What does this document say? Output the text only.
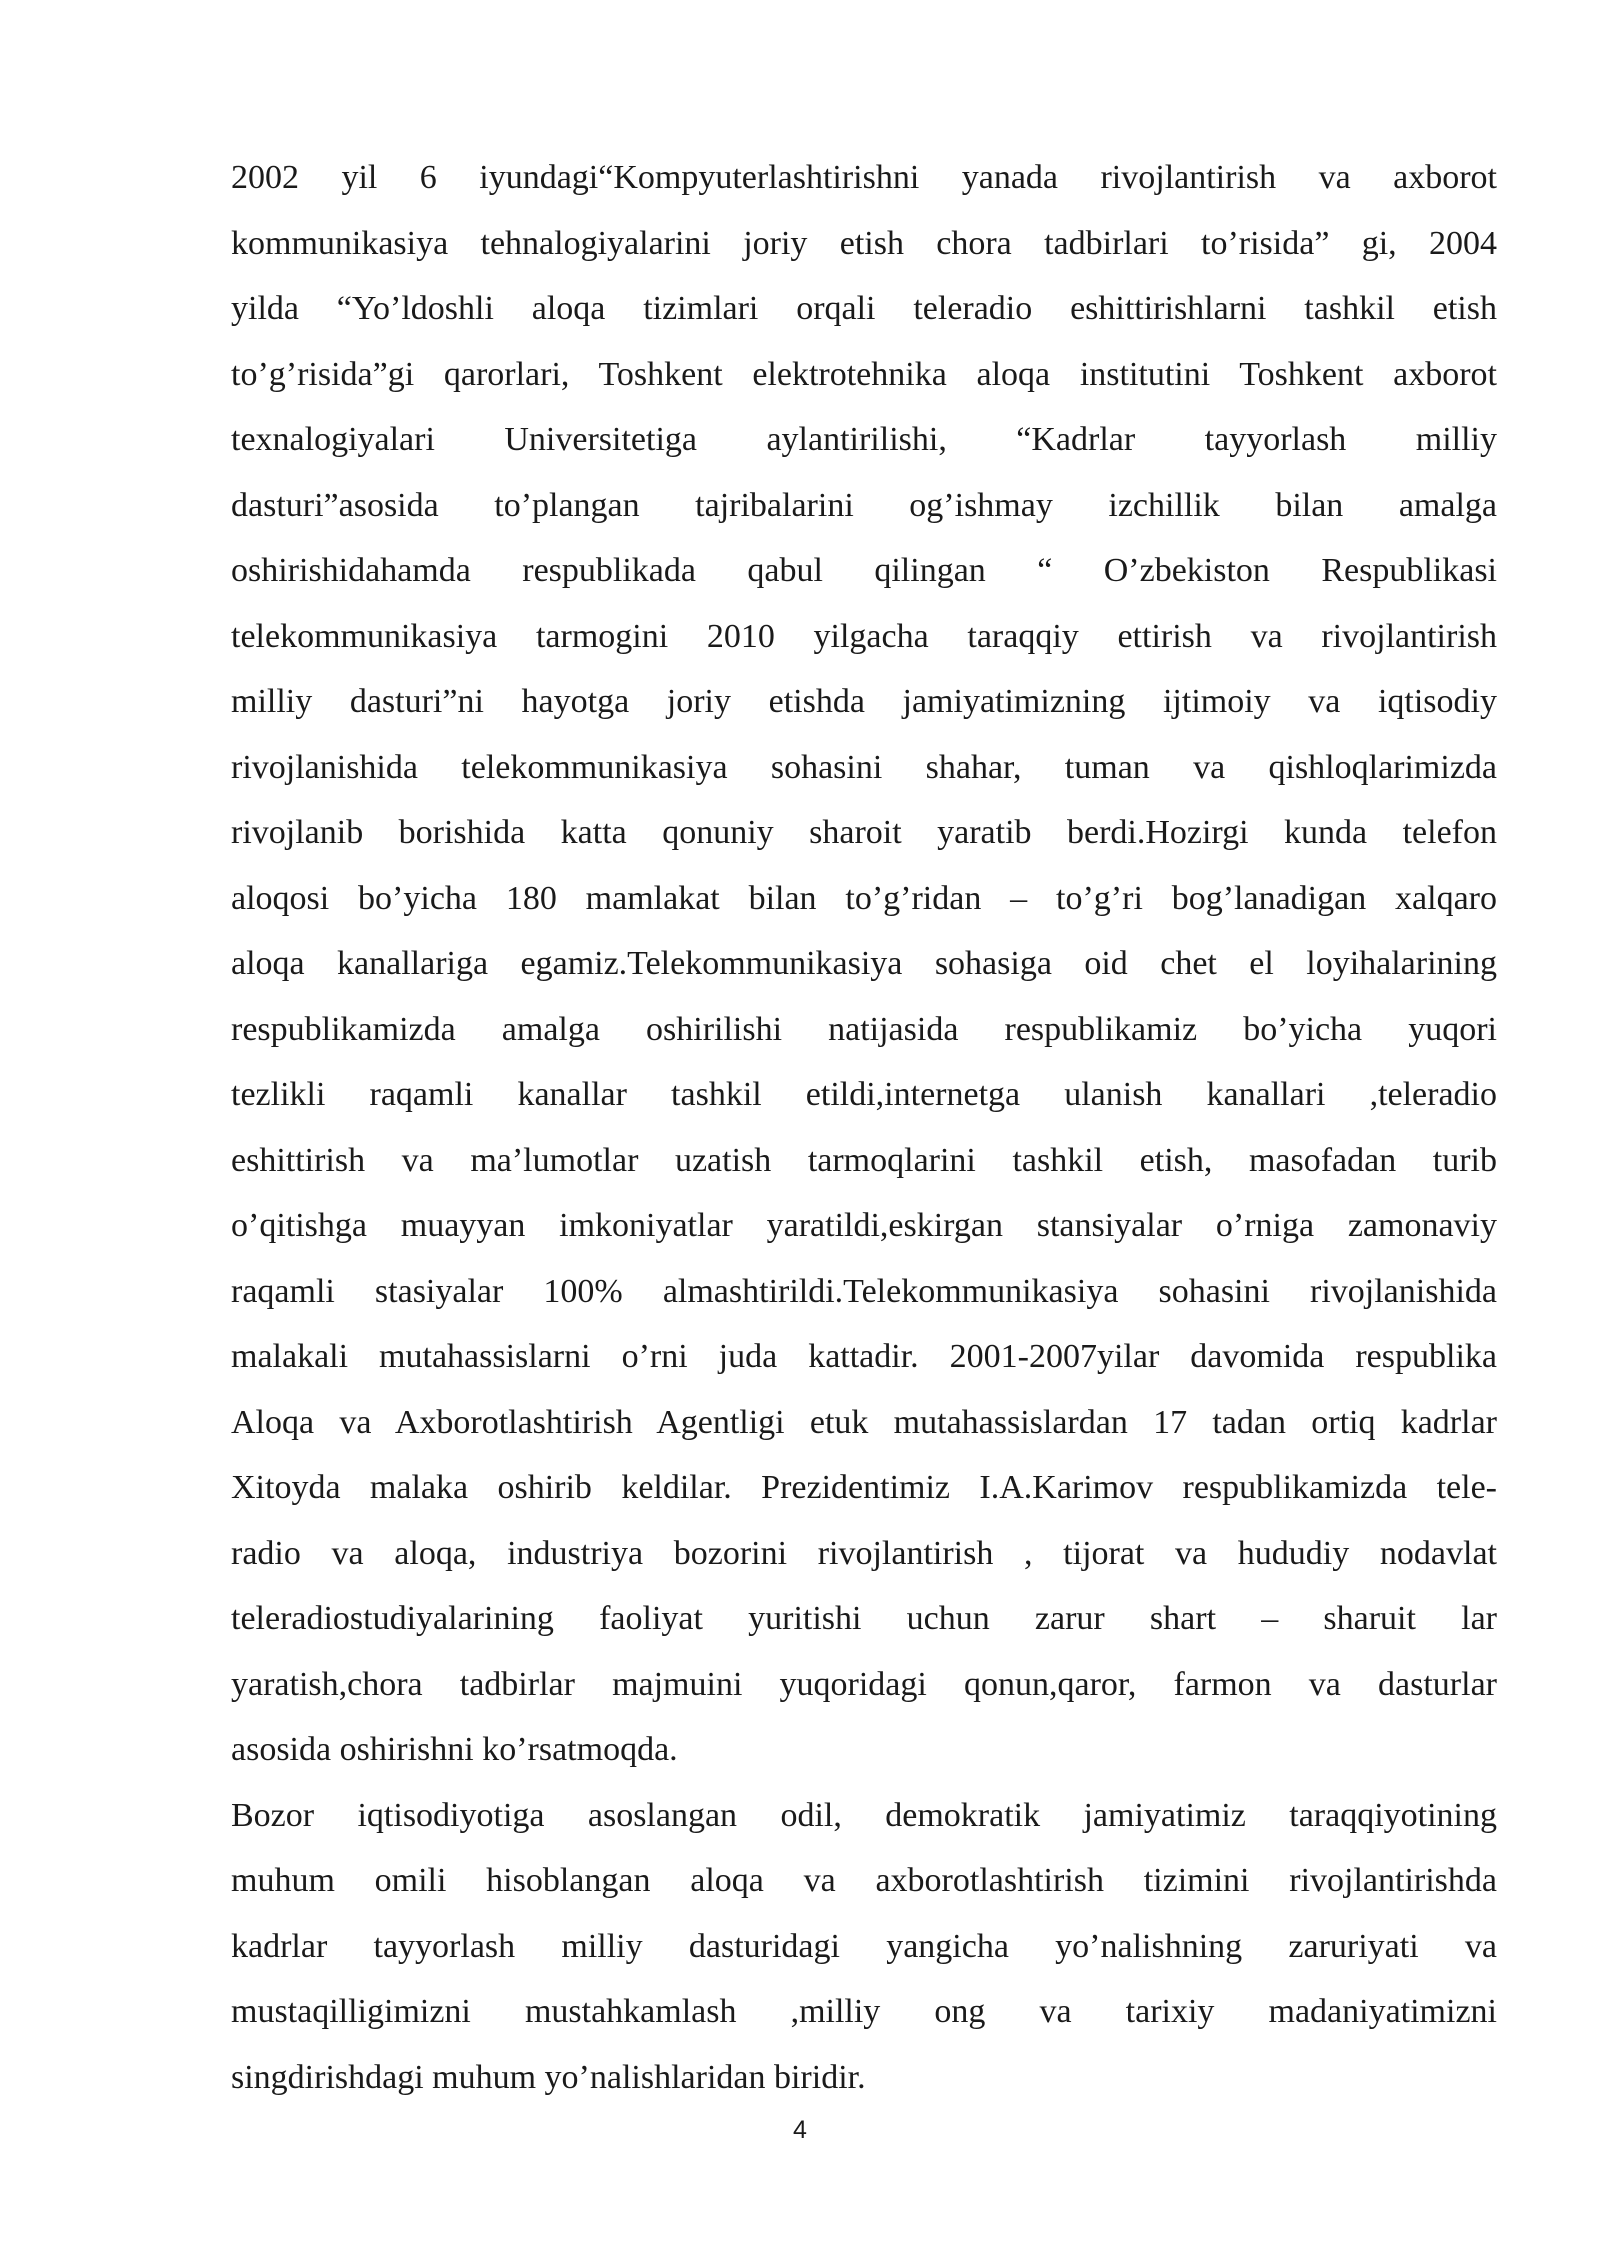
2002 yil 6 iyundagi“Kompyuterlashtirishni yanada rivojlantirish va axborot
kommunikasiya tehnalogiyalarini joriy etish chora tadbirlari to’risida” gi, 2004
yilda “Yo’ldoshli aloqa tizimlari orqali teleradio eshittirishlarni tashkil etish
to’g’risida”gi qarorlari, Toshkent elektrotehnika aloqa institutini Toshkent axborot
texnalogiyalari Universitetiga aylantirilishi, “Kadrlar tayyorlash milliy
dasturi”asosida to’plangan tajribalarini og’ishmay izchillik bilan amalga
oshirishidahamda respublikada qabul qilingan “ O’zbekiston Respublikasi
telekommunikasiya tarmogini 2010 yilgacha taraqqiy ettirish va rivojlantirish
milliy dasturi”ni hayotga joriy etishda jamiyatimizning ijtimoiy va iqtisodiy
rivojlanishida telekommunikasiya sohasini shahar, tuman va qishloqlarimizda
rivojlanib borishida katta qonuniy sharoit yaratib berdi.Hozirgi kunda telefon
aloqosi bo’yicha 180 mamlakat bilan to’g’ridan – to’g’ri bog’lanadigan xalqaro
aloqa kanallariga egamiz.Telekommunikasiya sohasiga oid chet el loyihalarining
respublikamizda amalga oshirilishi natijasida respublikamiz bo’yicha yuqori
tezlikli raqamli kanallar tashkil etildi,internetga ulanish kanallari ,teleradio
eshittirish va ma’lumotlar uzatish tarmoqlarini tashkil etish, masofadan turib
o’qitishga muayyan imkoniyatlar yaratildi,eskirgan stansiyalar o’rniga zamonaviy
raqamli stasiyalar 100% almashtirildi.Telekommunikasiya sohasini rivojlanishida
malakali mutahassislarni o’rni juda kattadir. 2001-2007yilar davomida respublika
Aloqa va Axborotlashtirish Agentligi etuk mutahassislardan 17 tadan ortiq kadrlar
Xitoyda malaka oshirib keldilar. Prezidentimiz I.A.Karimov respublikamizda tele-
radio va aloqa, industriya bozorini rivojlantirish , tijorat va hududiy nodavlat
teleradiostudiyalarining faoliyat yuritishi uchun zarur shart – sharuit lar
yaratish,chora tadbirlar majmuini yuqoridagi qonun,qaror, farmon va dasturlar
asosida oshirishni ko’rsatmoqda.
Bozor iqtisodiyotiga asoslangan odil, demokratik jamiyatimiz taraqqiyotining
muhum omili hisoblangan aloqa va axborotlashtirish tizimini rivojlantirishda
kadrlar tayyorlash milliy dasturidagi yangicha yo’nalishning zaruriyati va
mustaqilligimizni mustahkamlash ,milliy ong va tarixiy madaniyatimizni
singdirishdagi muhum yo’nalishlaridan biridir.
4
